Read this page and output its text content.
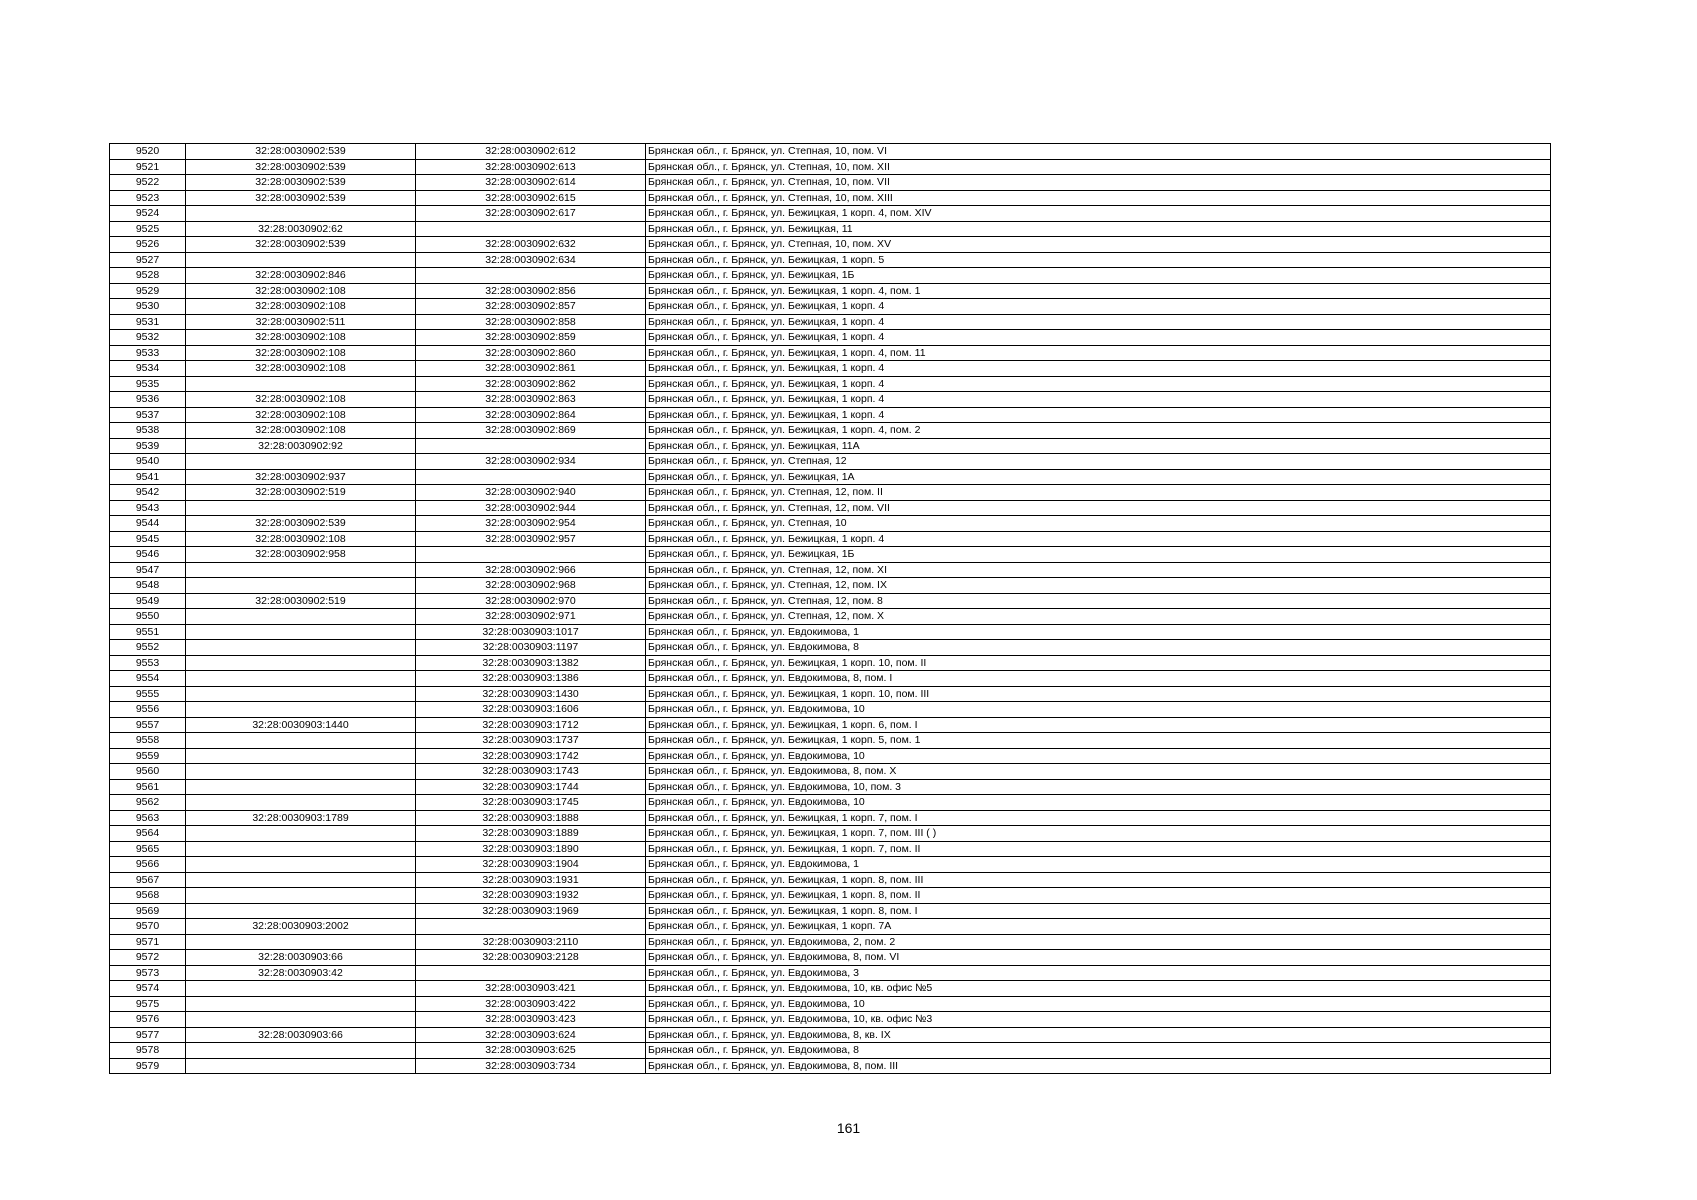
9520	32:28:0030902:539	32:28:0030902:612	Брянская обл., г. Брянск, ул. Степная, 10, пом. VI
9521	32:28:0030902:539	32:28:0030902:613	Брянская обл., г. Брянск, ул. Степная, 10, пом. XII
9522	32:28:0030902:539	32:28:0030902:614	Брянская обл., г. Брянск, ул. Степная, 10, пом. VII
9523	32:28:0030902:539	32:28:0030902:615	Брянская обл., г. Брянск, ул. Степная, 10, пом. XIII
9524		32:28:0030902:617	Брянская обл., г. Брянск, ул. Бежицкая, 1 корп. 4, пом. XIV
9525	32:28:0030902:62		Брянская обл., г. Брянск, ул. Бежицкая, 11
9526	32:28:0030902:539	32:28:0030902:632	Брянская обл., г. Брянск, ул. Степная, 10, пом. XV
9527		32:28:0030902:634	Брянская обл., г. Брянск, ул. Бежицкая, 1 корп. 5
9528	32:28:0030902:846		Брянская обл., г. Брянск, ул. Бежицкая, 1Б
9529	32:28:0030902:108	32:28:0030902:856	Брянская обл., г. Брянск, ул. Бежицкая, 1 корп. 4, пом. 1
9530	32:28:0030902:108	32:28:0030902:857	Брянская обл., г. Брянск, ул. Бежицкая, 1 корп. 4
9531	32:28:0030902:511	32:28:0030902:858	Брянская обл., г. Брянск, ул. Бежицкая, 1 корп. 4
9532	32:28:0030902:108	32:28:0030902:859	Брянская обл., г. Брянск, ул. Бежицкая, 1 корп. 4
9533	32:28:0030902:108	32:28:0030902:860	Брянская обл., г. Брянск, ул. Бежицкая, 1 корп. 4, пом. 11
9534	32:28:0030902:108	32:28:0030902:861	Брянская обл., г. Брянск, ул. Бежицкая, 1 корп. 4
9535		32:28:0030902:862	Брянская обл., г. Брянск, ул. Бежицкая, 1 корп. 4
9536	32:28:0030902:108	32:28:0030902:863	Брянская обл., г. Брянск, ул. Бежицкая, 1 корп. 4
9537	32:28:0030902:108	32:28:0030902:864	Брянская обл., г. Брянск, ул. Бежицкая, 1 корп. 4
9538	32:28:0030902:108	32:28:0030902:869	Брянская обл., г. Брянск, ул. Бежицкая, 1 корп. 4, пом. 2
9539	32:28:0030902:92		Брянская обл., г. Брянск, ул. Бежицкая, 11А
9540		32:28:0030902:934	Брянская обл., г. Брянск, ул. Степная, 12
9541	32:28:0030902:937		Брянская обл., г. Брянск, ул. Бежицкая, 1А
9542	32:28:0030902:519	32:28:0030902:940	Брянская обл., г. Брянск, ул. Степная, 12, пом. II
9543		32:28:0030902:944	Брянская обл., г. Брянск, ул. Степная, 12, пом. VII
9544	32:28:0030902:539	32:28:0030902:954	Брянская обл., г. Брянск, ул. Степная, 10
9545	32:28:0030902:108	32:28:0030902:957	Брянская обл., г. Брянск, ул. Бежицкая, 1 корп. 4
9546	32:28:0030902:958		Брянская обл., г. Брянск, ул. Бежицкая, 1Б
9547		32:28:0030902:966	Брянская обл., г. Брянск, ул. Степная, 12, пом. XI
9548		32:28:0030902:968	Брянская обл., г. Брянск, ул. Степная, 12, пом. IX
9549	32:28:0030902:519	32:28:0030902:970	Брянская обл., г. Брянск, ул. Степная, 12, пом. 8
9550		32:28:0030902:971	Брянская обл., г. Брянск, ул. Степная, 12, пом. X
9551		32:28:0030903:1017	Брянская обл., г. Брянск, ул. Евдокимова, 1
9552		32:28:0030903:1197	Брянская обл., г. Брянск, ул. Евдокимова, 8
9553		32:28:0030903:1382	Брянская обл., г. Брянск, ул. Бежицкая, 1 корп. 10, пом. II
9554		32:28:0030903:1386	Брянская обл., г. Брянск, ул. Евдокимова, 8, пом. I
9555		32:28:0030903:1430	Брянская обл., г. Брянск, ул. Бежицкая, 1 корп. 10, пом. III
9556		32:28:0030903:1606	Брянская обл., г. Брянск, ул. Евдокимова, 10
9557	32:28:0030903:1440	32:28:0030903:1712	Брянская обл., г. Брянск, ул. Бежицкая, 1 корп. 6, пом. I
9558		32:28:0030903:1737	Брянская обл., г. Брянск, ул. Бежицкая, 1 корп. 5, пом. 1
9559		32:28:0030903:1742	Брянская обл., г. Брянск, ул. Евдокимова, 10
9560		32:28:0030903:1743	Брянская обл., г. Брянск, ул. Евдокимова, 8, пом. X
9561		32:28:0030903:1744	Брянская обл., г. Брянск, ул. Евдокимова, 10, пом. 3
9562		32:28:0030903:1745	Брянская обл., г. Брянск, ул. Евдокимова, 10
9563	32:28:0030903:1789	32:28:0030903:1888	Брянская обл., г. Брянск, ул. Бежицкая, 1 корп. 7, пом. I
9564		32:28:0030903:1889	Брянская обл., г. Брянск, ул. Бежицкая, 1 корп. 7, пом. III ( )
9565		32:28:0030903:1890	Брянская обл., г. Брянск, ул. Бежицкая, 1 корп. 7, пом. II
9566		32:28:0030903:1904	Брянская обл., г. Брянск, ул. Евдокимова, 1
9567		32:28:0030903:1931	Брянская обл., г. Брянск, ул. Бежицкая, 1 корп. 8, пом. III
9568		32:28:0030903:1932	Брянская обл., г. Брянск, ул. Бежицкая, 1 корп. 8, пом. II
9569		32:28:0030903:1969	Брянская обл., г. Брянск, ул. Бежицкая, 1 корп. 8, пом. I
9570	32:28:0030903:2002		Брянская обл., г. Брянск, ул. Бежицкая, 1 корп. 7А
9571		32:28:0030903:2110	Брянская обл., г. Брянск, ул. Евдокимова, 2, пом. 2
9572	32:28:0030903:66	32:28:0030903:2128	Брянская обл., г. Брянск, ул. Евдокимова, 8, пом. VI
9573	32:28:0030903:42		Брянская обл., г. Брянск, ул. Евдокимова, 3
9574		32:28:0030903:421	Брянская обл., г. Брянск, ул. Евдокимова, 10, кв. офис №5
9575		32:28:0030903:422	Брянская обл., г. Брянск, ул. Евдокимова, 10
9576		32:28:0030903:423	Брянская обл., г. Брянск, ул. Евдокимова, 10, кв. офис №3
9577	32:28:0030903:66	32:28:0030903:624	Брянская обл., г. Брянск, ул. Евдокимова, 8, кв. IX
9578		32:28:0030903:625	Брянская обл., г. Брянск, ул. Евдокимова, 8
9579		32:28:0030903:734	Брянская обл., г. Брянск, ул. Евдокимова, 8, пом. III
161
